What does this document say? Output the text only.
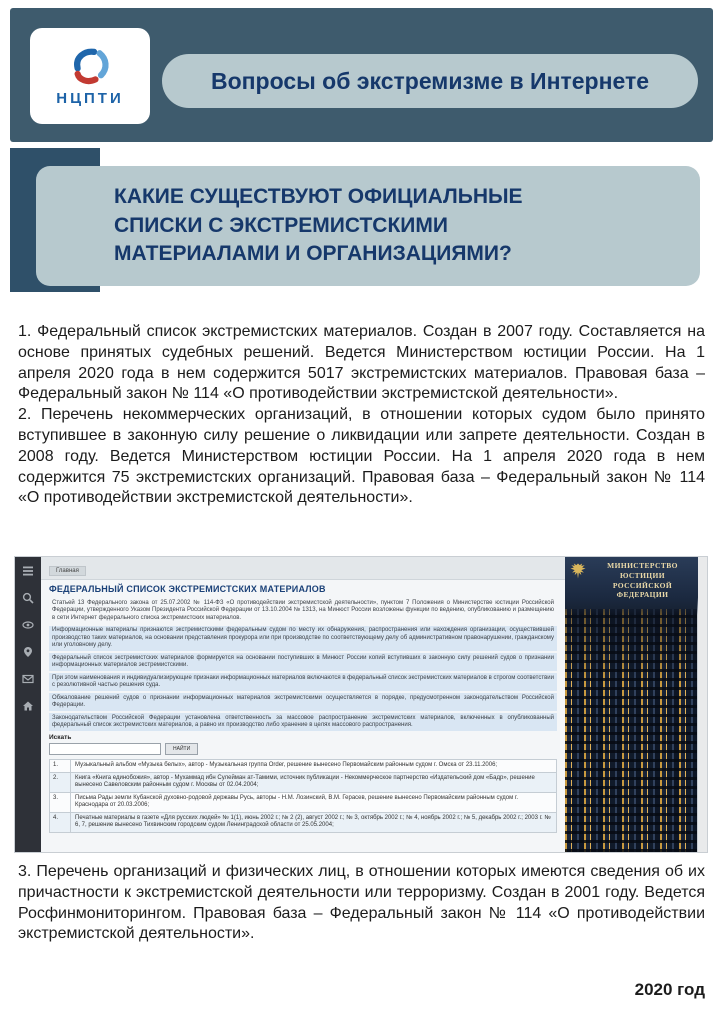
НЦПТИ
Вопросы об экстремизме в Интернете
КАКИЕ СУЩЕСТВУЮТ ОФИЦИАЛЬНЫЕ СПИСКИ С ЭКСТРЕМИСТСКИМИ МАТЕРИАЛАМИ И ОРГАНИЗАЦИЯМИ?

1. Федеральный список экстремистских материалов. Создан в 2007 году. Составляется на основе принятых судебных решений. Ведется Министерством юстиции России. На 1 апреля 2020 года в нем содержится 5017 экстремистских материалов. Правовая база – Федеральный закон № 114 «О противодействии экстремистской деятельности».

2. Перечень некоммерческих организаций, в отношении которых судом было принято вступившее в законную силу решение о ликвидации или запрете деятельности. Создан в 2008 году. Ведется Министерством юстиции России. На 1 апреля 2020 года в нем содержится 75 экстремистских организаций. Правовая база – Федеральный закон № 114 «О противодействии экстремистской деятельности».

Главная
ФЕДЕРАЛЬНЫЙ СПИСОК ЭКСТРЕМИСТСКИХ МАТЕРИАЛОВ

Статьей 13 Федерального закона от 25.07.2002 № 114-ФЗ «О противодействии экстремистской деятельности», пунктом 7 Положения о Министерстве юстиции Российской Федерации, утвержденного Указом Президента Российской Федерации от 13.10.2004 № 1313, на Минюст России возложены функции по ведению, опубликованию и размещению в сети Интернет федерального списка экстремистских материалов.

Информационные материалы признаются экстремистскими федеральным судом по месту их обнаружения, распространения или нахождения организации, осуществившей производство таких материалов, на основании представления прокурора или при производстве по соответствующему делу об административном правонарушении, гражданскому или уголовному делу.

Федеральный список экстремистских материалов формируется на основании поступивших в Минюст России копий вступивших в законную силу решений судов о признании информационных материалов экстремистскими.

При этом наименования и индивидуализирующие признаки информационных материалов включаются в федеральный список экстремистских материалов в строгом соответствии с резолютивной частью решения суда.

Обжалование решений судов о признании информационных материалов экстремистскими осуществляется в порядке, предусмотренном законодательством Российской Федерации.

Законодательством Российской Федерации установлена ответственность за массовое распространение экстремистских материалов, включенных в опубликованный федеральный список экстремистских материалов, а равно их производство либо хранение в целях массового распространения.

Искать
НАЙТИ
1.	Музыкальный альбом «Музыка белых», автор - Музыкальная группа Order, решение вынесено Первомайским районным судом г. Омска от 23.11.2006;
2.	Книга «Книга единобожия», автор - Мухаммад ибн Сулейман ат-Тамими, источник публикации - Некоммерческое партнерство «Издательский дом «Бадр», решение вынесено Савеловским районным судом г. Москвы от 02.04.2004;
3.	Письма Рады земли Кубанской духовно-родовой державы Русь, авторы - Н.М. Лозинский, В.М. Герасев, решение вынесено Первомайским районным судом г. Краснодара от 20.03.2006;
4.	Печатные материалы в газете «Для русских людей» № 1(1), июнь 2002 г.; № 2 (2), август 2002 г.; № 3, октябрь 2002 г.; № 4, ноябрь 2002 г.; № 5, декабрь 2002 г.; 2003 г. № 6, 7, решение вынесено Тихвинским городским судом Ленинградской области от 25.05.2004;
МИНИСТЕРСТВО ЮСТИЦИИ РОССИЙСКОЙ ФЕДЕРАЦИИ

3. Перечень организаций и физических лиц, в отношении которых имеются сведения об их причастности к экстремистской деятельности или терроризму. Создан в 2001 году. Ведется Росфинмониторингом. Правовая база – Федеральный закон № 114 «О противодействии экстремистской деятельности».

2020 год
